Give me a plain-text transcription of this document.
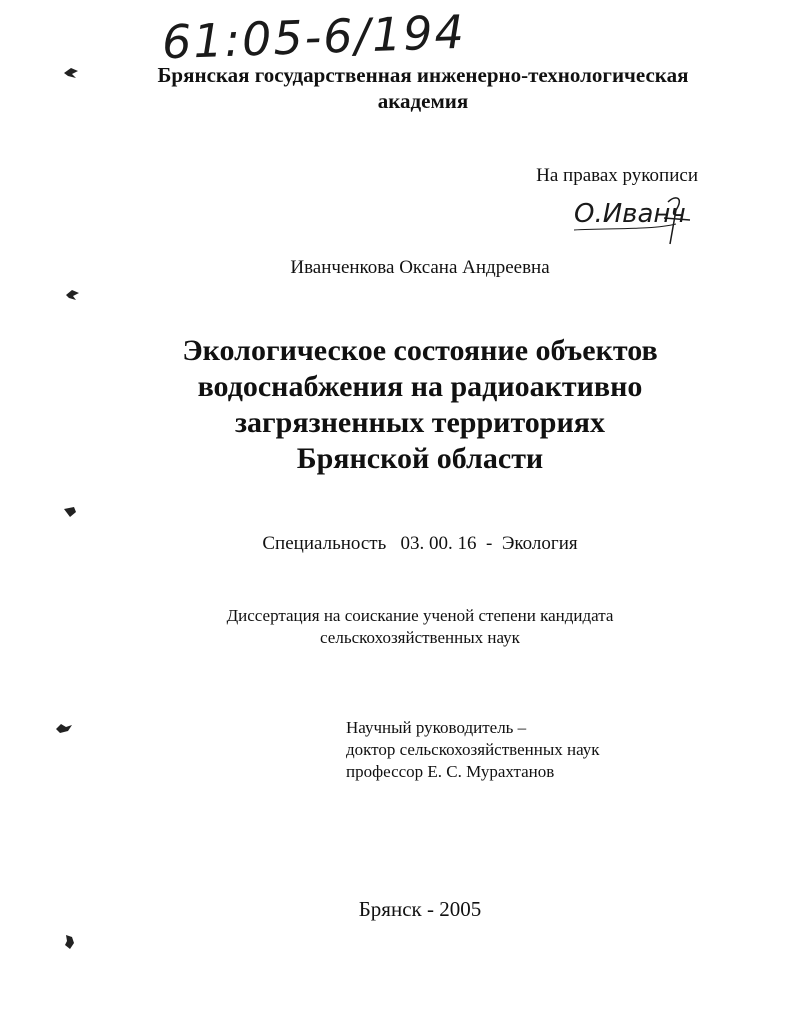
61:05-6/194
Брянская государственная инженерно-технологическая
академия
На правах рукописи
О.Иванч
Иванченкова Оксана Андреевна
Экологическое состояние объектов
водоснабжения на радиоактивно
загрязненных территориях
Брянской области
Специальность 03. 00. 16 - Экология
Диссертация на соискание ученой степени кандидата
сельскохозяйственных наук
Научный руководитель –
доктор сельскохозяйственных наук
профессор Е. С. Мурахтанов
Брянск - 2005
